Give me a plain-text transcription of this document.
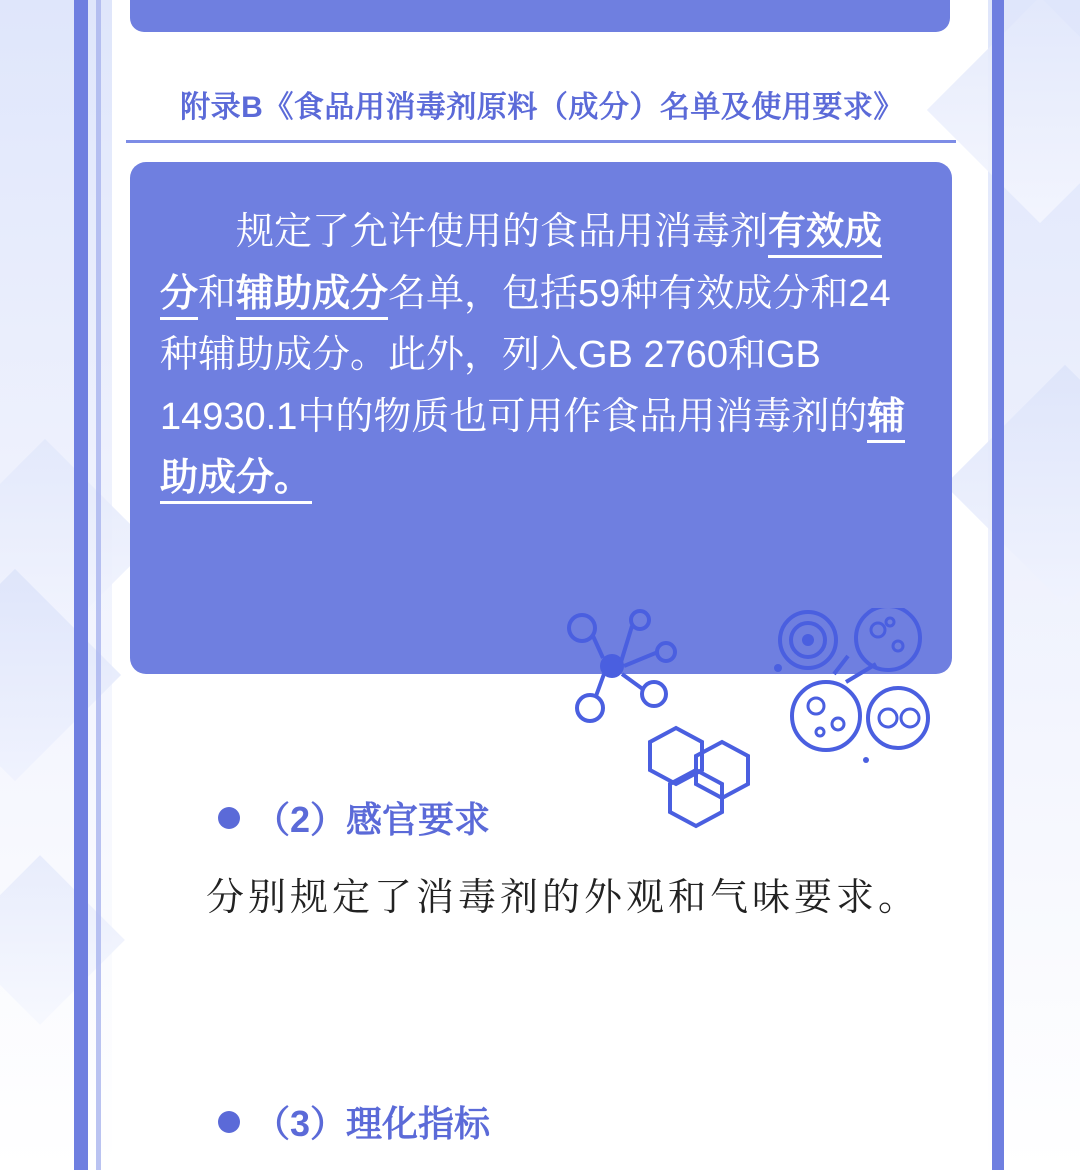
附录B《食品用消毒剂原料（成分）名单及使用要求》

规定了允许使用的食品用消毒剂有效成分和辅助成分名单，包括59种有效成分和24种辅助成分。此外，列入GB 2760和GB 14930.1中的物质也可用作食品用消毒剂的辅助成分。

（2）感官要求
分别规定了消毒剂的外观和气味要求。
（3）理化指标
